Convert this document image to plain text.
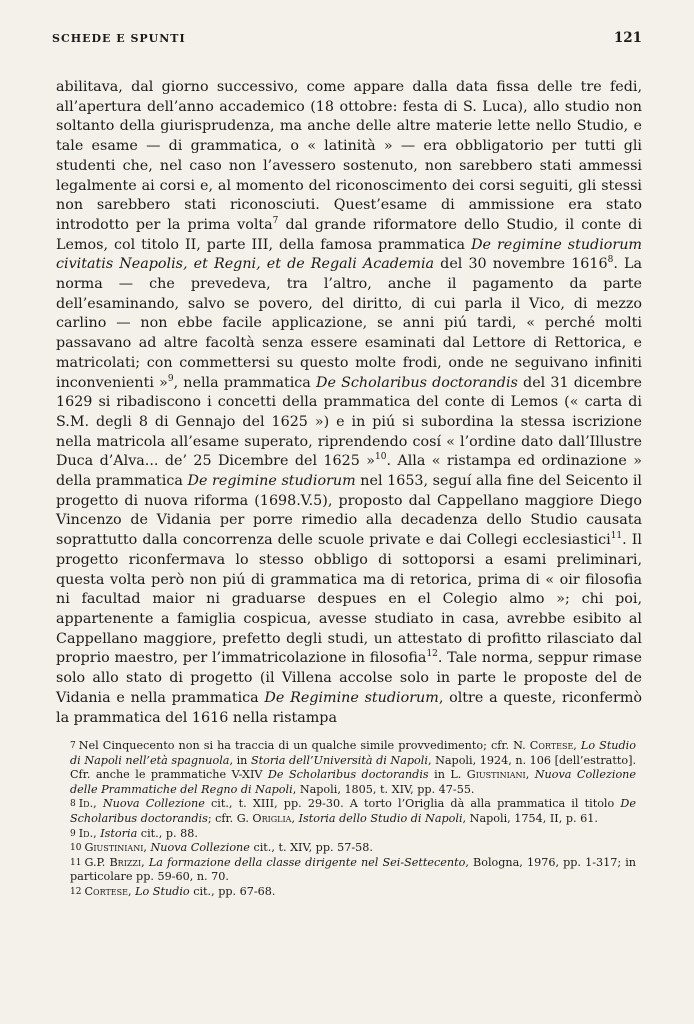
SCHEDE E SPUNTI	121

abilitava, dal giorno successivo, come appare dalla data fissa delle tre fedi, all’apertura dell’anno accademico (18 ottobre: festa di S. Luca), allo studio non soltanto della giurisprudenza, ma anche delle altre materie lette nello Studio, e tale esame — di grammatica, o « latinità » — era obbligatorio per tutti gli studenti che, nel caso non l’avessero sostenuto, non sarebbero stati ammessi legalmente ai corsi e, al momento del riconoscimento dei corsi seguiti, gli stessi non sarebbero stati riconosciuti. Quest’esame di ammissione era stato introdotto per la prima volta$^7$ dal grande riformatore dello Studio, il conte di Lemos, col titolo II, parte III, della famosa prammatica De regimine studiorum civitatis Neapolis, et Regni, et de Regali Academia del 30 novembre 1616$^8$. La norma — che prevedeva, tra l’altro, anche il pagamento da parte dell’esaminando, salvo se povero, del diritto, di cui parla il Vico, di mezzo carlino — non ebbe facile applicazione, se anni piú tardi, « perché molti passavano ad altre facoltà senza essere esaminati dal Lettore di Rettorica, e matricolati; con commettersi su questo molte frodi, onde ne seguivano infiniti inconvenienti »$^9$, nella prammatica De Scholaribus doctorandis del 31 dicembre 1629 si ribadiscono i concetti della prammatica del conte di Lemos (« carta di S.M. degli 8 di Gennajo del 1625 ») e in piú si subordina la stessa iscrizione nella matricola all’esame superato, riprendendo cosí « l’ordine dato dall’Illustre Duca d’Alva... de’ 25 Dicembre del 1625 »$^{10}$. Alla « ristampa ed ordinazione » della prammatica De regimine studiorum nel 1653, seguí alla fine del Seicento il progetto di nuova riforma (1698.V.5), proposto dal Cappellano maggiore Diego Vincenzo de Vidania per porre rimedio alla decadenza dello Studio causata soprattutto dalla concorrenza delle scuole private e dai Collegi ecclesiastici$^{11}$. Il progetto riconfermava lo stesso obbligo di sottoporsi a esami preliminari, questa volta però non piú di grammatica ma di retorica, prima di « oir filosofia ni facultad maior ni graduarse despues en el Colegio almo »; chi poi, appartenente a famiglia cospicua, avesse studiato in casa, avrebbe esibito al Cappellano maggiore, prefetto degli studi, un attestato di profitto rilasciato dal proprio maestro, per l’immatricolazione in filosofia$^{12}$. Tale norma, seppur rimase solo allo stato di progetto (il Villena accolse solo in parte le proposte del de Vidania e nella prammatica De Regimine studiorum, oltre a queste, riconfermò la prammatica del 1616 nella ristampa

7 Nel Cinquecento non si ha traccia di un qualche simile provvedimento; cfr. N. Cortese, Lo Studio di Napoli nell’età spagnuola, in Storia dell’Università di Napoli, Napoli, 1924, n. 106 [dell’estratto]. Cfr. anche le prammatiche V-XIV De Scholaribus doctorandis in L. Giustiniani, Nuova Collezione delle Prammatiche del Regno di Napoli, Napoli, 1805, t. XIV, pp. 47-55.

8 Id., Nuova Collezione cit., t. XIII, pp. 29-30. A torto l’Origlia dà alla prammatica il titolo De Scholaribus doctorandis; cfr. G. Origlia, Istoria dello Studio di Napoli, Napoli, 1754, II, p. 61.

9 Id., Istoria cit., p. 88.

10 Giustiniani, Nuova Collezione cit., t. XIV, pp. 57-58.

11 G.P. Brizzi, La formazione della classe dirigente nel Sei-Settecento, Bologna, 1976, pp. 1-317; in particolare pp. 59-60, n. 70.

12 Cortese, Lo Studio cit., pp. 67-68.
